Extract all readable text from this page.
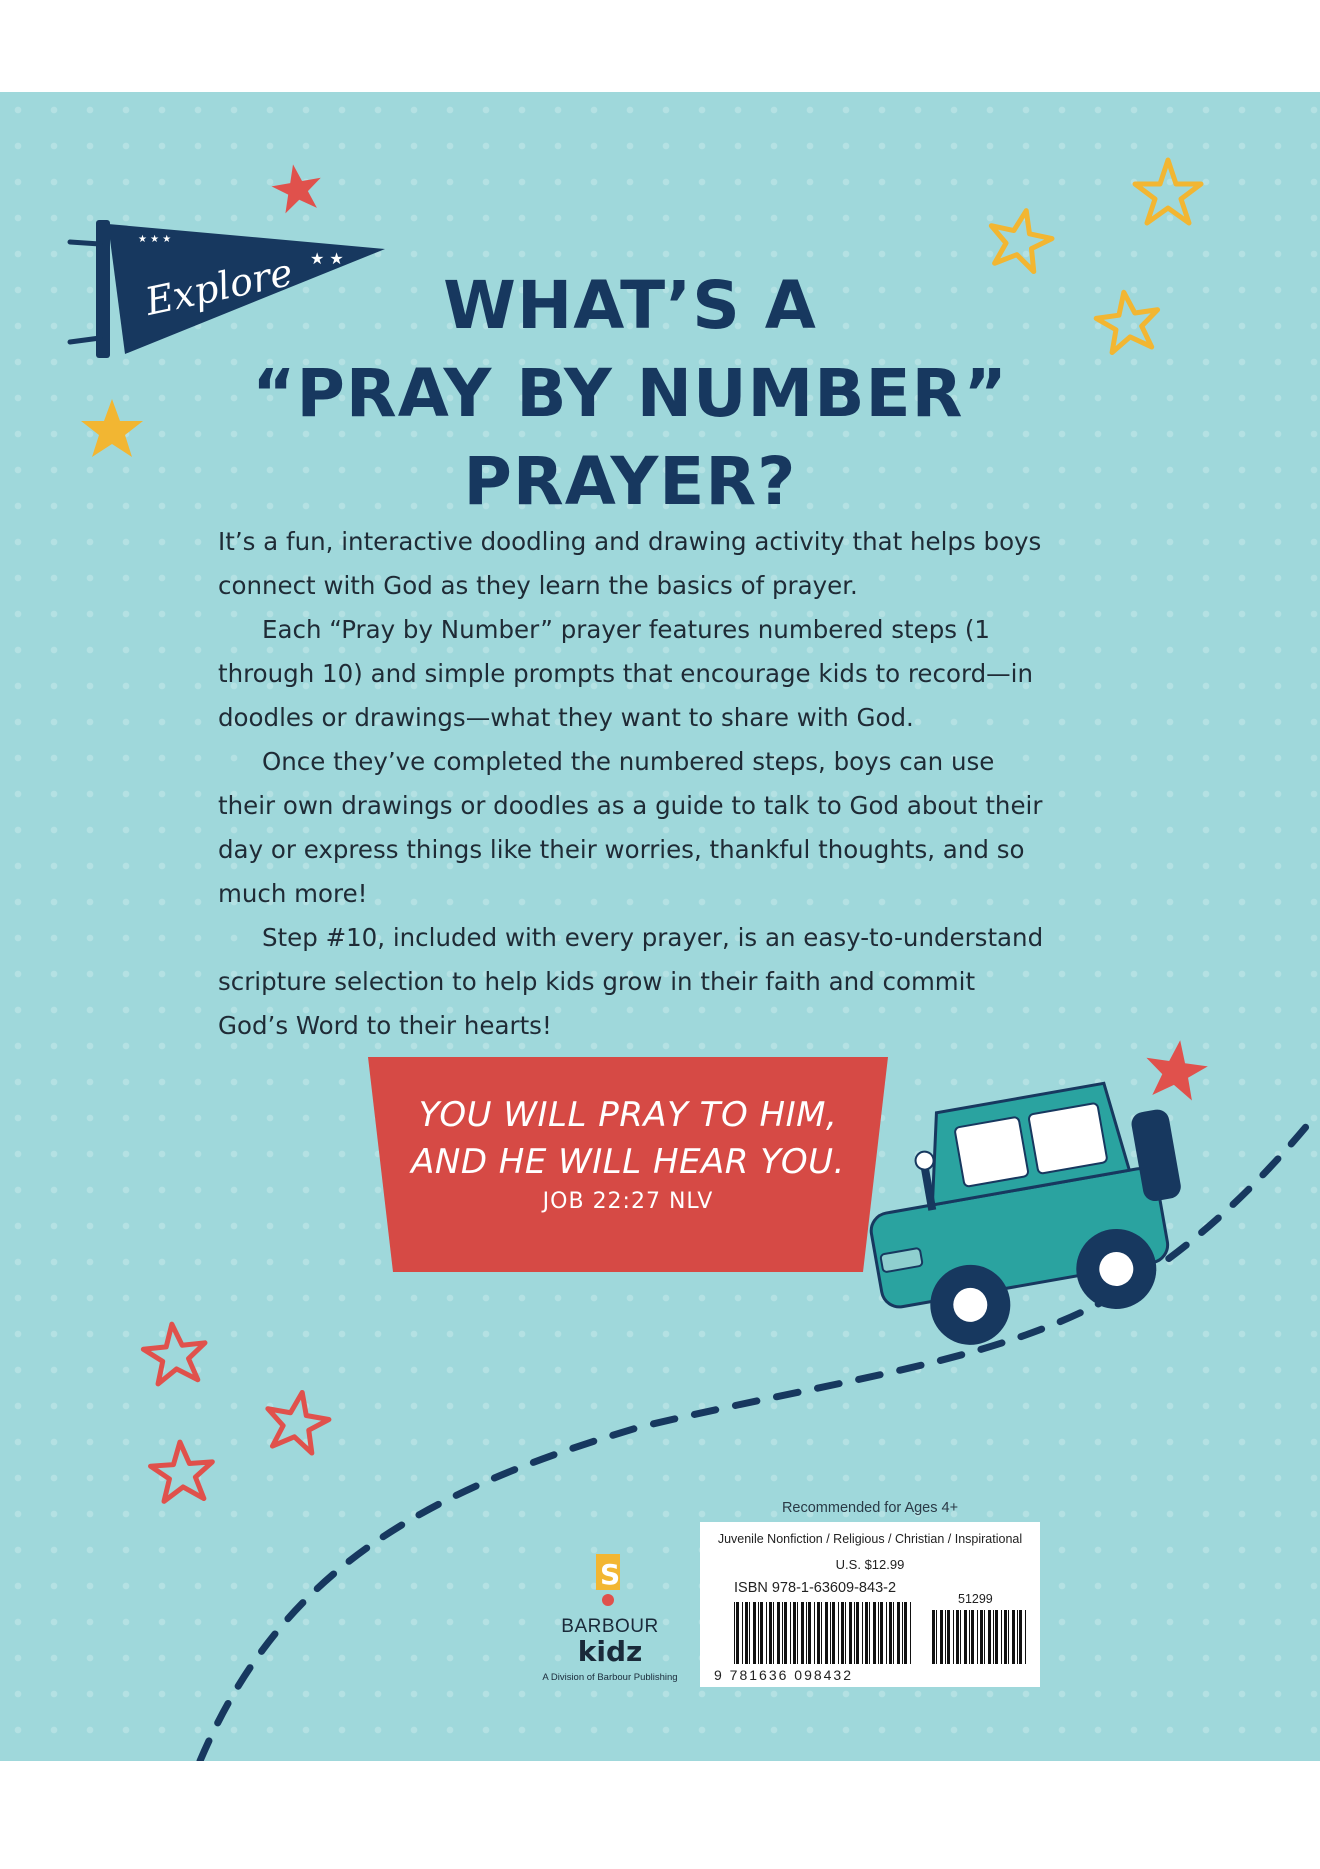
Explore ★ ★
★ ★ ★
WHAT’S A
“PRAY BY NUMBER”
PRAYER?

It’s a fun, interactive doodling and drawing activity that helps boys connect with God as they learn the basics of prayer.

Each “Pray by Number” prayer features numbered steps (1 through 10) and simple prompts that encourage kids to record—in doodles or drawings—what they want to share with God.

Once they’ve completed the numbered steps, boys can use their own drawings or doodles as a guide to talk to God about their day or express things like their worries, thankful thoughts, and so much more!

Step #10, included with every prayer, is an easy-to-understand scripture selection to help kids grow in their faith and commit God’s Word to their hearts!

YOU WILL PRAY TO HIM,
AND HE WILL HEAR YOU.
JOB 22:27 NLV
S
BARBOUR
kidz
A Division of Barbour Publishing
Recommended for Ages 4+
Juvenile Nonfiction / Religious / Christian / Inspirational
U.S. $12.99
ISBN 978-1-63609-843-2
51299
9 781636 098432
